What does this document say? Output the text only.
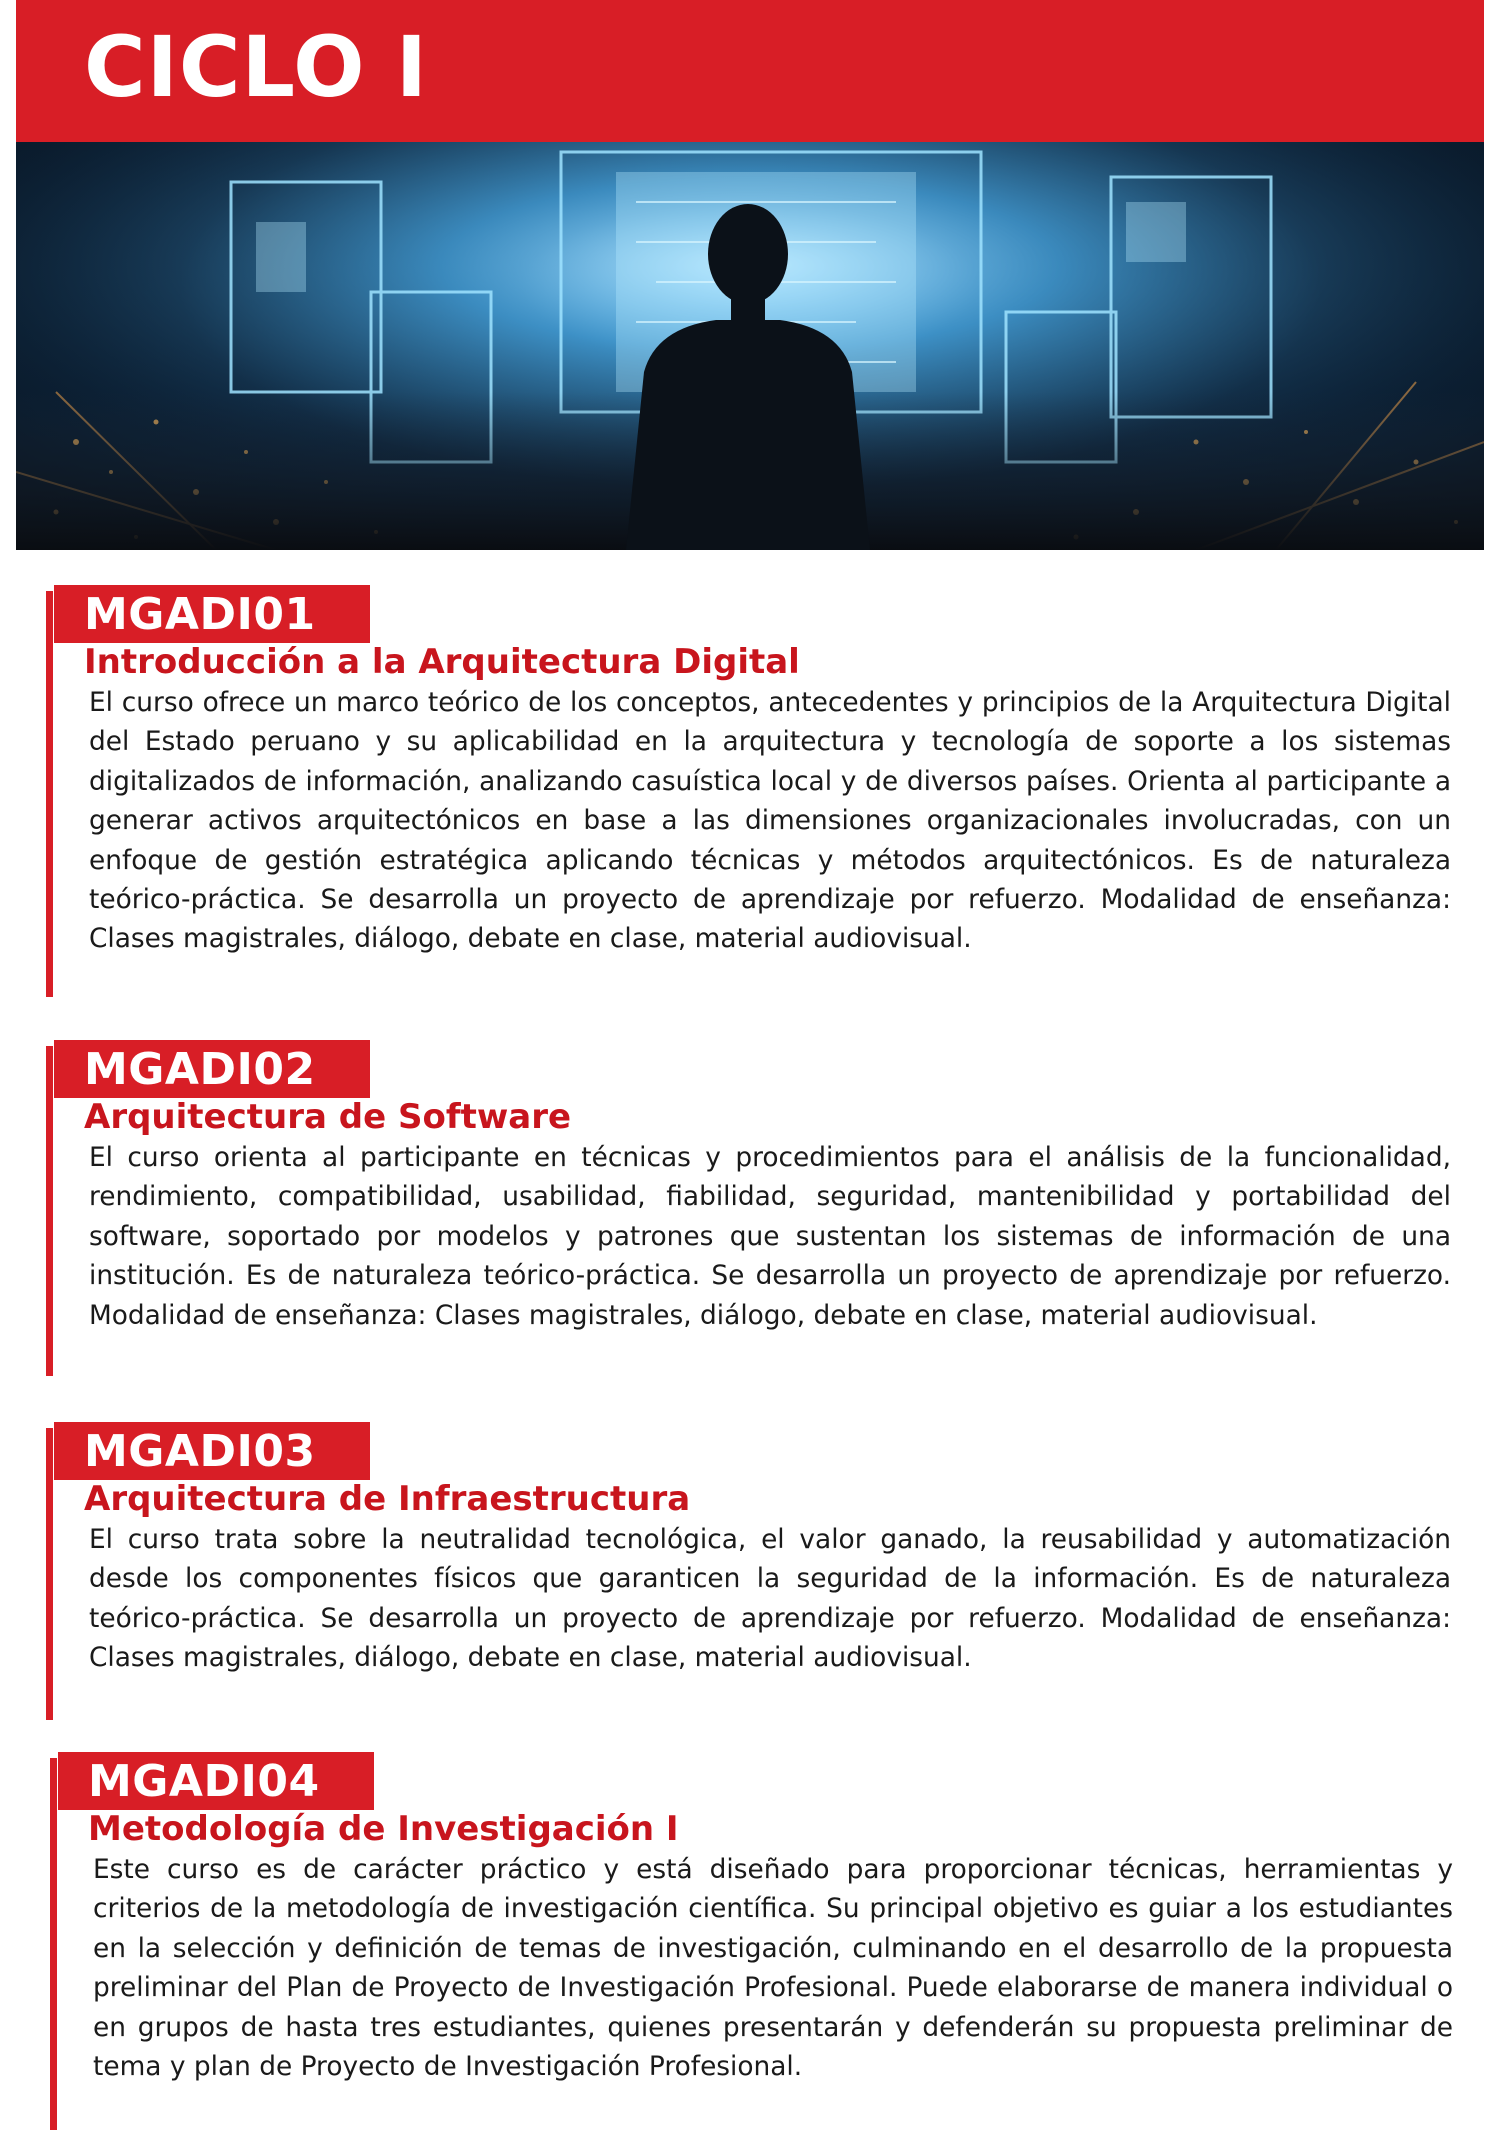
CICLO I
MGADI01
Introducción a la Arquitectura Digital

El curso ofrece un marco teórico de los conceptos, antecedentes y principios de la Arquitectura Digital del Estado peruano y su aplicabilidad en la arquitectura y tecnología de soporte a los sistemas digitalizados de información, analizando casuística local y de diversos países. Orienta al participante a generar activos arquitectónicos en base a las dimensiones organizacionales involucradas, con un enfoque de gestión estratégica aplicando técnicas y métodos arquitectónicos. Es de naturaleza teórico-práctica. Se desarrolla un proyecto de aprendizaje por refuerzo. Modalidad de enseñanza: Clases magistrales, diálogo, debate en clase, material audiovisual.

MGADI02
Arquitectura de Software

El curso orienta al participante en técnicas y procedimientos para el análisis de la funcionalidad, rendimiento, compatibilidad, usabilidad, fiabilidad, seguridad, mantenibilidad y portabilidad del software, soportado por modelos y patrones que sustentan los sistemas de información de una institución. Es de naturaleza teórico-práctica. Se desarrolla un proyecto de aprendizaje por refuerzo. Modalidad de enseñanza: Clases magistrales, diálogo, debate en clase, material audiovisual.

MGADI03
Arquitectura de Infraestructura

El curso trata sobre la neutralidad tecnológica, el valor ganado, la reusabilidad y automatización desde los componentes físicos que garanticen la seguridad de la información. Es de naturaleza teórico-práctica. Se desarrolla un proyecto de aprendizaje por refuerzo. Modalidad de enseñanza: Clases magistrales, diálogo, debate en clase, material audiovisual.

MGADI04
Metodología de Investigación I

Este curso es de carácter práctico y está diseñado para proporcionar técnicas, herramientas y criterios de la metodología de investigación científica. Su principal objetivo es guiar a los estudiantes en la selección y definición de temas de investigación, culminando en el desarrollo de la propuesta preliminar del Plan de Proyecto de Investigación Profesional. Puede elaborarse de manera individual o en grupos de hasta tres estudiantes, quienes presentarán y defenderán su propuesta preliminar de tema y plan de Proyecto de Investigación Profesional.
